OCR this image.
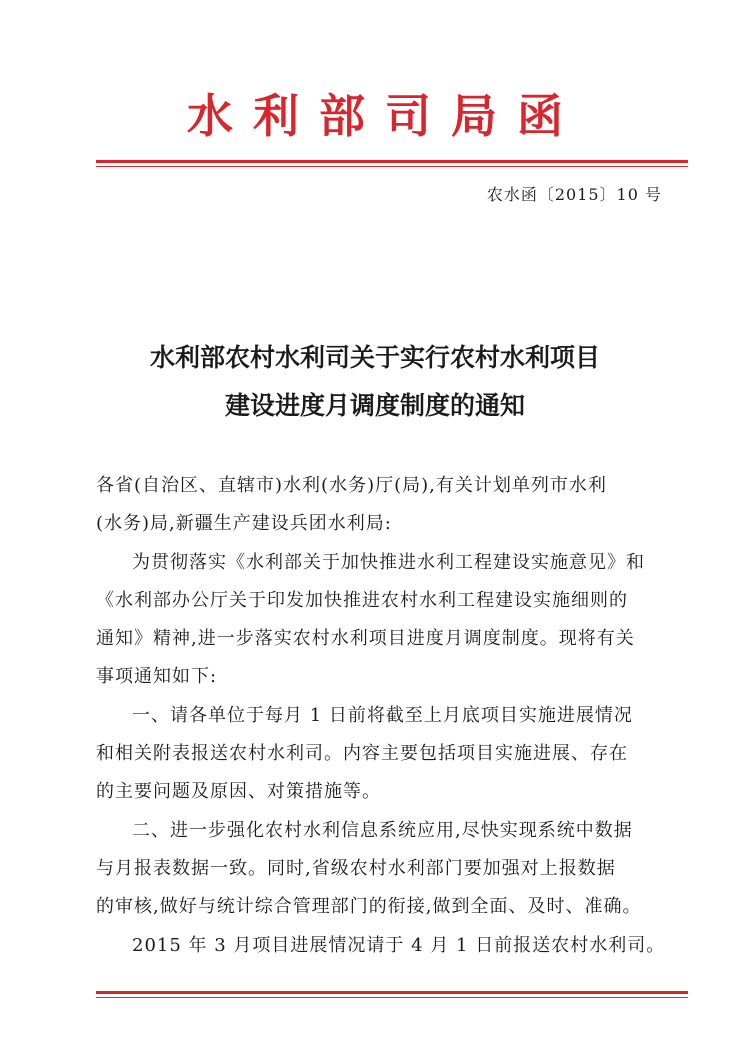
水利部司局函
农水函〔2015〕10 号
水利部农村水利司关于实行农村水利项目
建设进度月调度制度的通知
各省(自治区、直辖市)水利(水务)厅(局),有关计划单列市水利
(水务)局,新疆生产建设兵团水利局:
为贯彻落实《水利部关于加快推进水利工程建设实施意见》和
《水利部办公厅关于印发加快推进农村水利工程建设实施细则的
通知》精神,进一步落实农村水利项目进度月调度制度。现将有关
事项通知如下:
一、请各单位于每月 1 日前将截至上月底项目实施进展情况
和相关附表报送农村水利司。内容主要包括项目实施进展、存在
的主要问题及原因、对策措施等。
二、进一步强化农村水利信息系统应用,尽快实现系统中数据
与月报表数据一致。同时,省级农村水利部门要加强对上报数据
的审核,做好与统计综合管理部门的衔接,做到全面、及时、准确。
2015 年 3 月项目进展情况请于 4 月 1 日前报送农村水利司。
